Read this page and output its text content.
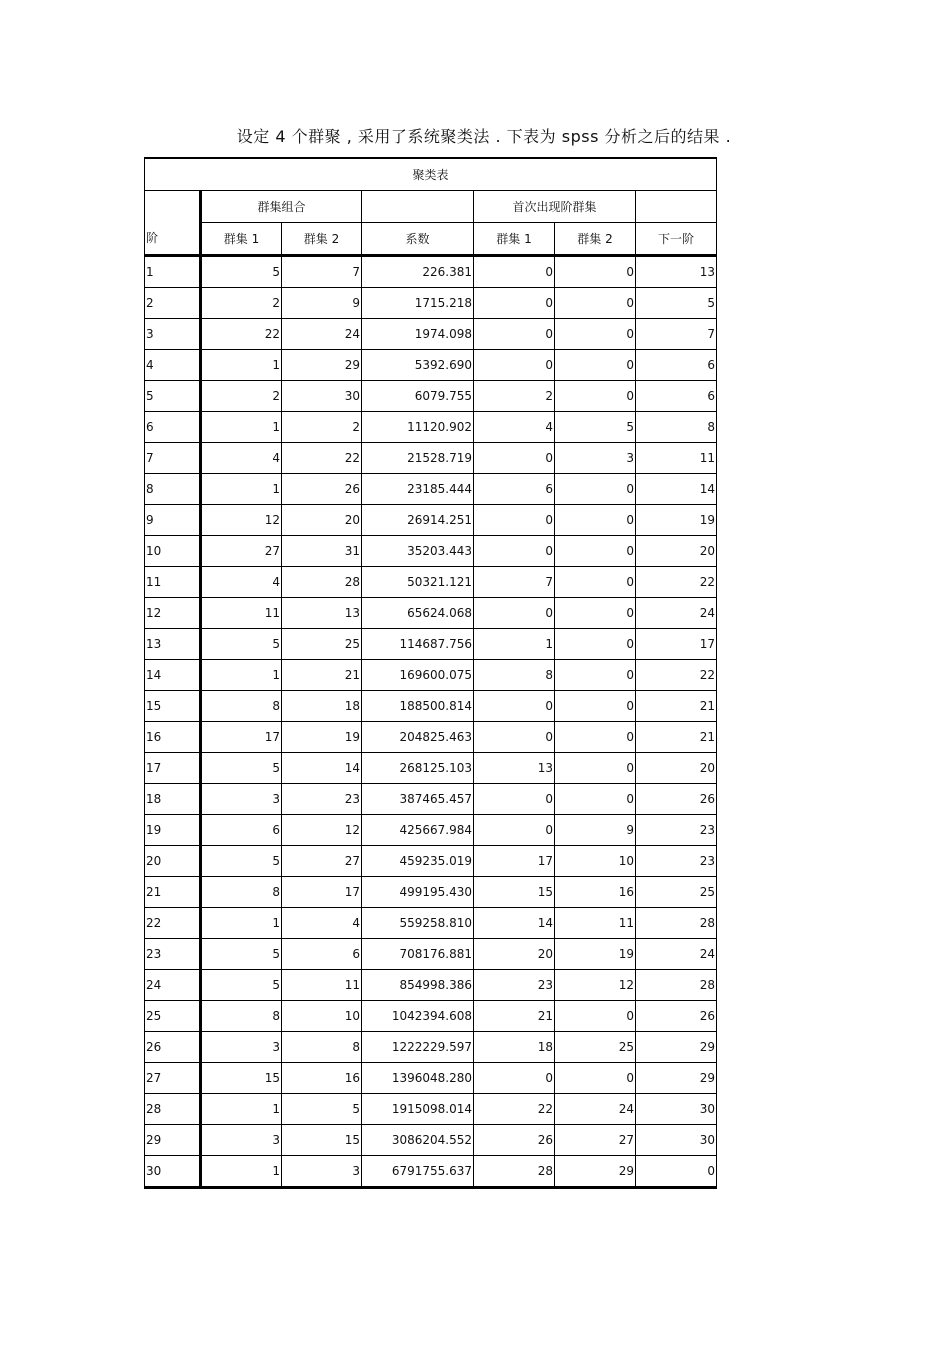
设定 4 个群聚 , 采用了系统聚类法 . 下表为 spss 分析之后的结果 .
聚类表						
阶	群集组合			首次出现阶群集		
	群集 1	群集 2	系数	群集 1	群集 2	下一阶
1	5	7	226.381	0	0	13
2	2	9	1715.218	0	0	5
3	22	24	1974.098	0	0	7
4	1	29	5392.690	0	0	6
5	2	30	6079.755	2	0	6
6	1	2	11120.902	4	5	8
7	4	22	21528.719	0	3	11
8	1	26	23185.444	6	0	14
9	12	20	26914.251	0	0	19
10	27	31	35203.443	0	0	20
11	4	28	50321.121	7	0	22
12	11	13	65624.068	0	0	24
13	5	25	114687.756	1	0	17
14	1	21	169600.075	8	0	22
15	8	18	188500.814	0	0	21
16	17	19	204825.463	0	0	21
17	5	14	268125.103	13	0	20
18	3	23	387465.457	0	0	26
19	6	12	425667.984	0	9	23
20	5	27	459235.019	17	10	23
21	8	17	499195.430	15	16	25
22	1	4	559258.810	14	11	28
23	5	6	708176.881	20	19	24
24	5	11	854998.386	23	12	28
25	8	10	1042394.608	21	0	26
26	3	8	1222229.597	18	25	29
27	15	16	1396048.280	0	0	29
28	1	5	1915098.014	22	24	30
29	3	15	3086204.552	26	27	30
30	1	3	6791755.637	28	29	0
